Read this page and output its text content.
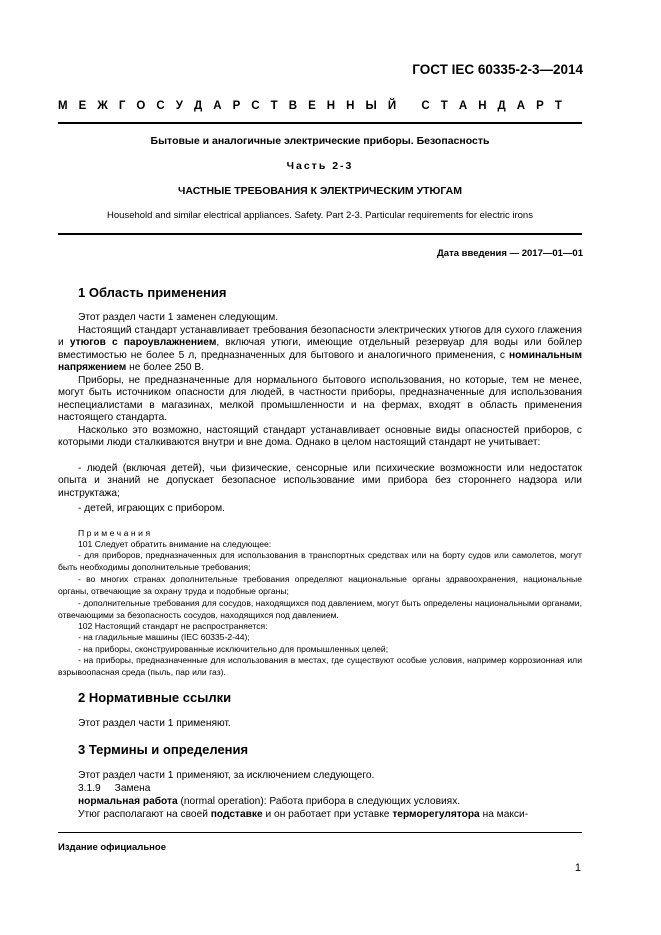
ГОСТ IEC 60335-2-3—2014
М Е Ж Г О С У Д А Р С Т В Е Н Н Ы Й
С Т А Н Д А Р Т
Бытовые и аналогичные электрические приборы. Безопасность
Часть 2-3
ЧАСТНЫЕ ТРЕБОВАНИЯ К ЭЛЕКТРИЧЕСКИМ УТЮГАМ
Household and similar electrical appliances. Safety. Part 2-3. Particular requirements for electric irons
Дата введения — 2017—01—01
1 Область применения
Этот раздел части 1 заменен следующим.
Настоящий стандарт устанавливает требования безопасности электрических утюгов для сухого глажения и утюгов с пароувлажнением, включая утюги, имеющие отдельный резервуар для воды или бойлер вместимостью не более 5 л, предназначенных для бытового и аналогичного применения, с номинальным напряжением не более 250 В.
Приборы, не предназначенные для нормального бытового использования, но которые, тем не менее, могут быть источником опасности для людей, в частности приборы, предназначенные для использования неспециалистами в магазинах, мелкой промышленности и на фермах, входят в область применения настоящего стандарта.
Насколько это возможно, настоящий стандарт устанавливает основные виды опасностей приборов, с которыми люди сталкиваются внутри и вне дома. Однако в целом настоящий стандарт не учитывает:
- людей (включая детей), чьи физические, сенсорные или психические возможности или недостаток опыта и знаний не допускает безопасное использование ими прибора без стороннего надзора или инструктажа;
- детей, играющих с прибором.
Примечания
101 Следует обратить внимание на следующее:
- для приборов, предназначенных для использования в транспортных средствах или на борту судов или самолетов, могут быть необходимы дополнительные требования;
- во многих странах дополнительные требования определяют национальные органы здравоохранения, национальные органы, отвечающие за охрану труда и подобные органы;
- дополнительные требования для сосудов, находящихся под давлением, могут быть определены национальными органами, отвечающими за безопасность сосудов, находящихся под давлением.
102 Настоящий стандарт не распространяется:
- на гладильные машины (IEC 60335-2-44);
- на приборы, сконструированные исключительно для промышленных целей;
- на приборы, предназначенные для использования в местах, где существуют особые условия, например коррозионная или взрывоопасная среда (пыль, пар или газ).
2 Нормативные ссылки
Этот раздел части 1 применяют.
3 Термины и определения
Этот раздел части 1 применяют, за исключением следующего.
3.1.9 Замена
нормальная работа (normal operation): Работа прибора в следующих условиях.
Утюг располагают на своей подставке и он работает при уставке терморегулятора на макси-
Издание официальное
1
